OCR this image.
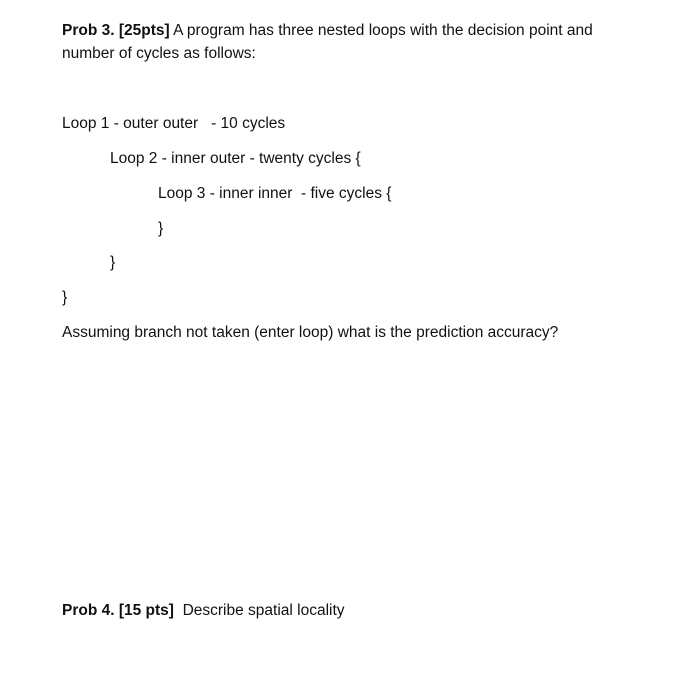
Prob 3. [25pts] A program has three nested loops with the decision point and
number of cycles as follows:
Loop 1 - outer outer   - 10 cycles
Loop 2 - inner outer - twenty cycles {
Loop 3 - inner inner  - five cycles {
}
}
}
Assuming branch not taken (enter loop) what is the prediction accuracy?
Prob 4. [15 pts]  Describe spatial locality
